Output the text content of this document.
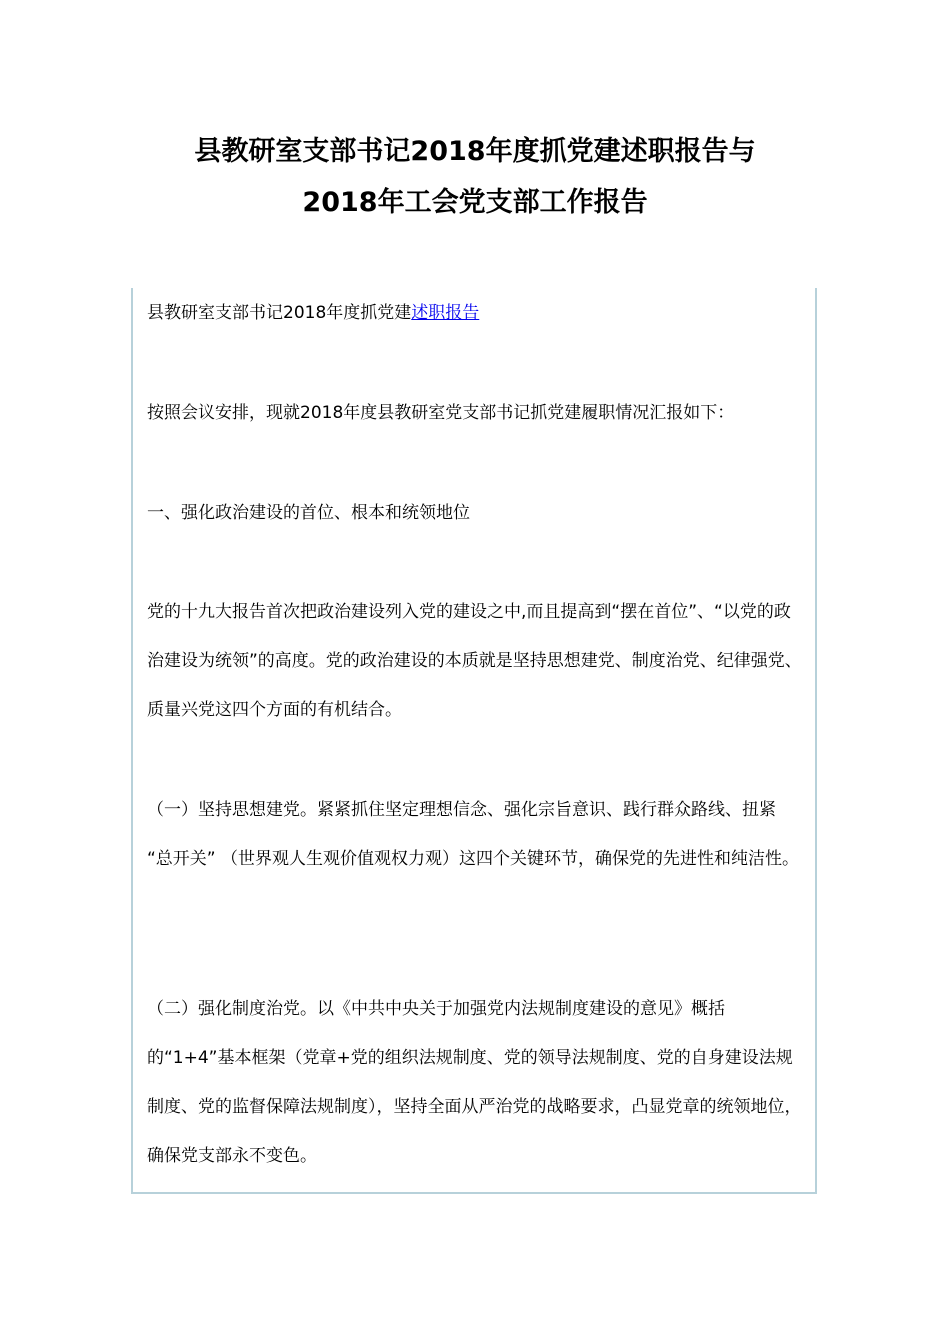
县教研室支部书记2018年度抓党建述职报告与
2018年工会党支部工作报告

县教研室支部书记2018年度抓党建述职报告

按照会议安排，现就2018年度县教研室党支部书记抓党建履职情况汇报如下：

一、强化政治建设的首位、根本和统领地位

党的十九大报告首次把政治建设列入党的建设之中,而且提高到“摆在首位”、“以党的政治建设为统领”的高度。党的政治建设的本质就是坚持思想建党、制度治党、纪律强党、质量兴党这四个方面的有机结合。

（一）坚持思想建党。紧紧抓住坚定理想信念、强化宗旨意识、践行群众路线、扭紧 “总开关” （世界观人生观价值观权力观）这四个关键环节，确保党的先进性和纯洁性。

（二）强化制度治党。以《中共中央关于加强党内法规制度建设的意见》概括的“1+4”基本框架（党章+党的组织法规制度、党的领导法规制度、党的自身建设法规制度、党的监督保障法规制度），坚持全面从严治党的战略要求，凸显党章的统领地位，确保党支部永不变色。
